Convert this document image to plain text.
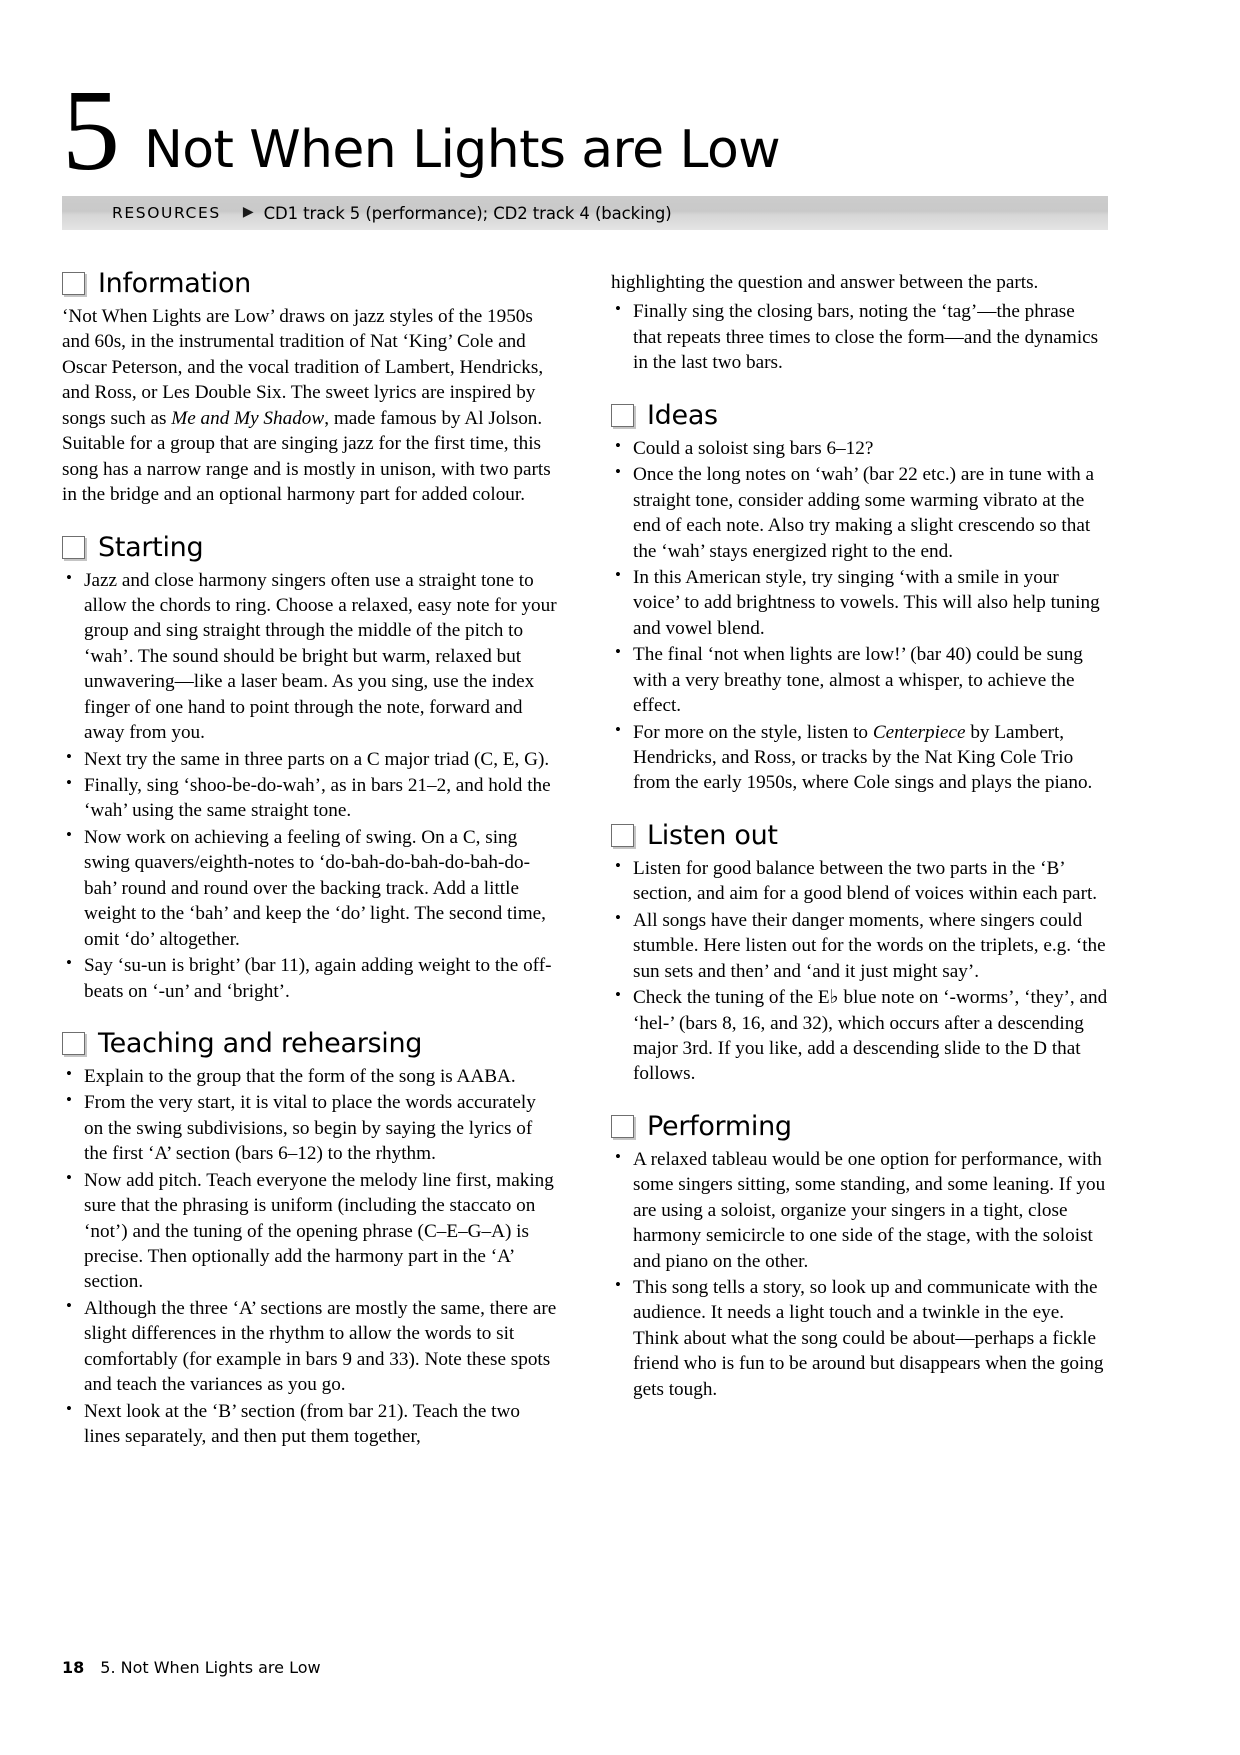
5 Not When Lights are Low
RESOURCES ▶ CD1 track 5 (performance); CD2 track 4 (backing)
Information

‘Not When Lights are Low’ draws on jazz styles of the 1950s and 60s, in the instrumental tradition of Nat ‘King’ Cole and Oscar Peterson, and the vocal tradition of Lambert, Hendricks, and Ross, or Les Double Six. The sweet lyrics are inspired by songs such as Me and My Shadow, made famous by Al Jolson. Suitable for a group that are singing jazz for the first time, this song has a narrow range and is mostly in unison, with two parts in the bridge and an optional harmony part for added colour.

Starting
• Jazz and close harmony singers often use a straight tone to allow the chords to ring. Choose a relaxed, easy note for your group and sing straight through the middle of the pitch to ‘wah’. The sound should be bright but warm, relaxed but unwavering—like a laser beam. As you sing, use the index finger of one hand to point through the note, forward and away from you.
• Next try the same in three parts on a C major triad (C, E, G).
• Finally, sing ‘shoo-be-do-wah’, as in bars 21–2, and hold the ‘wah’ using the same straight tone.
• Now work on achieving a feeling of swing. On a C, sing swing quavers/eighth-notes to ‘do-bah-do-bah-do-bah-do-bah’ round and round over the backing track. Add a little weight to the ‘bah’ and keep the ‘do’ light. The second time, omit ‘do’ altogether.
• Say ‘su-un is bright’ (bar 11), again adding weight to the off-beats on ‘-un’ and ‘bright’.
Teaching and rehearsing
• Explain to the group that the form of the song is AABA.
• From the very start, it is vital to place the words accurately on the swing subdivisions, so begin by saying the lyrics of the first ‘A’ section (bars 6–12) to the rhythm.
• Now add pitch. Teach everyone the melody line first, making sure that the phrasing is uniform (including the staccato on ‘not’) and the tuning of the opening phrase (C–E–G–A) is precise. Then optionally add the harmony part in the ‘A’ section.
• Although the three ‘A’ sections are mostly the same, there are slight differences in the rhythm to allow the words to sit comfortably (for example in bars 9 and 33). Note these spots and teach the variances as you go.
• Next look at the ‘B’ section (from bar 21). Teach the two lines separately, and then put them together,

highlighting the question and answer between the parts.

• Finally sing the closing bars, noting the ‘tag’—the phrase that repeats three times to close the form—and the dynamics in the last two bars.
Ideas
• Could a soloist sing bars 6–12?
• Once the long notes on ‘wah’ (bar 22 etc.) are in tune with a straight tone, consider adding some warming vibrato at the end of each note. Also try making a slight crescendo so that the ‘wah’ stays energized right to the end.
• In this American style, try singing ‘with a smile in your voice’ to add brightness to vowels. This will also help tuning and vowel blend.
• The final ‘not when lights are low!’ (bar 40) could be sung with a very breathy tone, almost a whisper, to achieve the effect.
• For more on the style, listen to Centerpiece by Lambert, Hendricks, and Ross, or tracks by the Nat King Cole Trio from the early 1950s, where Cole sings and plays the piano.
Listen out
• Listen for good balance between the two parts in the ‘B’ section, and aim for a good blend of voices within each part.
• All songs have their danger moments, where singers could stumble. Here listen out for the words on the triplets, e.g. ‘the sun sets and then’ and ‘and it just might say’.
• Check the tuning of the E♭ blue note on ‘-worms’, ‘they’, and ‘hel-’ (bars 8, 16, and 32), which occurs after a descending major 3rd. If you like, add a descending slide to the D that follows.
Performing
• A relaxed tableau would be one option for performance, with some singers sitting, some standing, and some leaning. If you are using a soloist, organize your singers in a tight, close harmony semicircle to one side of the stage, with the soloist and piano on the other.
• This song tells a story, so look up and communicate with the audience. It needs a light touch and a twinkle in the eye. Think about what the song could be about—perhaps a fickle friend who is fun to be around but disappears when the going gets tough.
18 5. Not When Lights are Low
